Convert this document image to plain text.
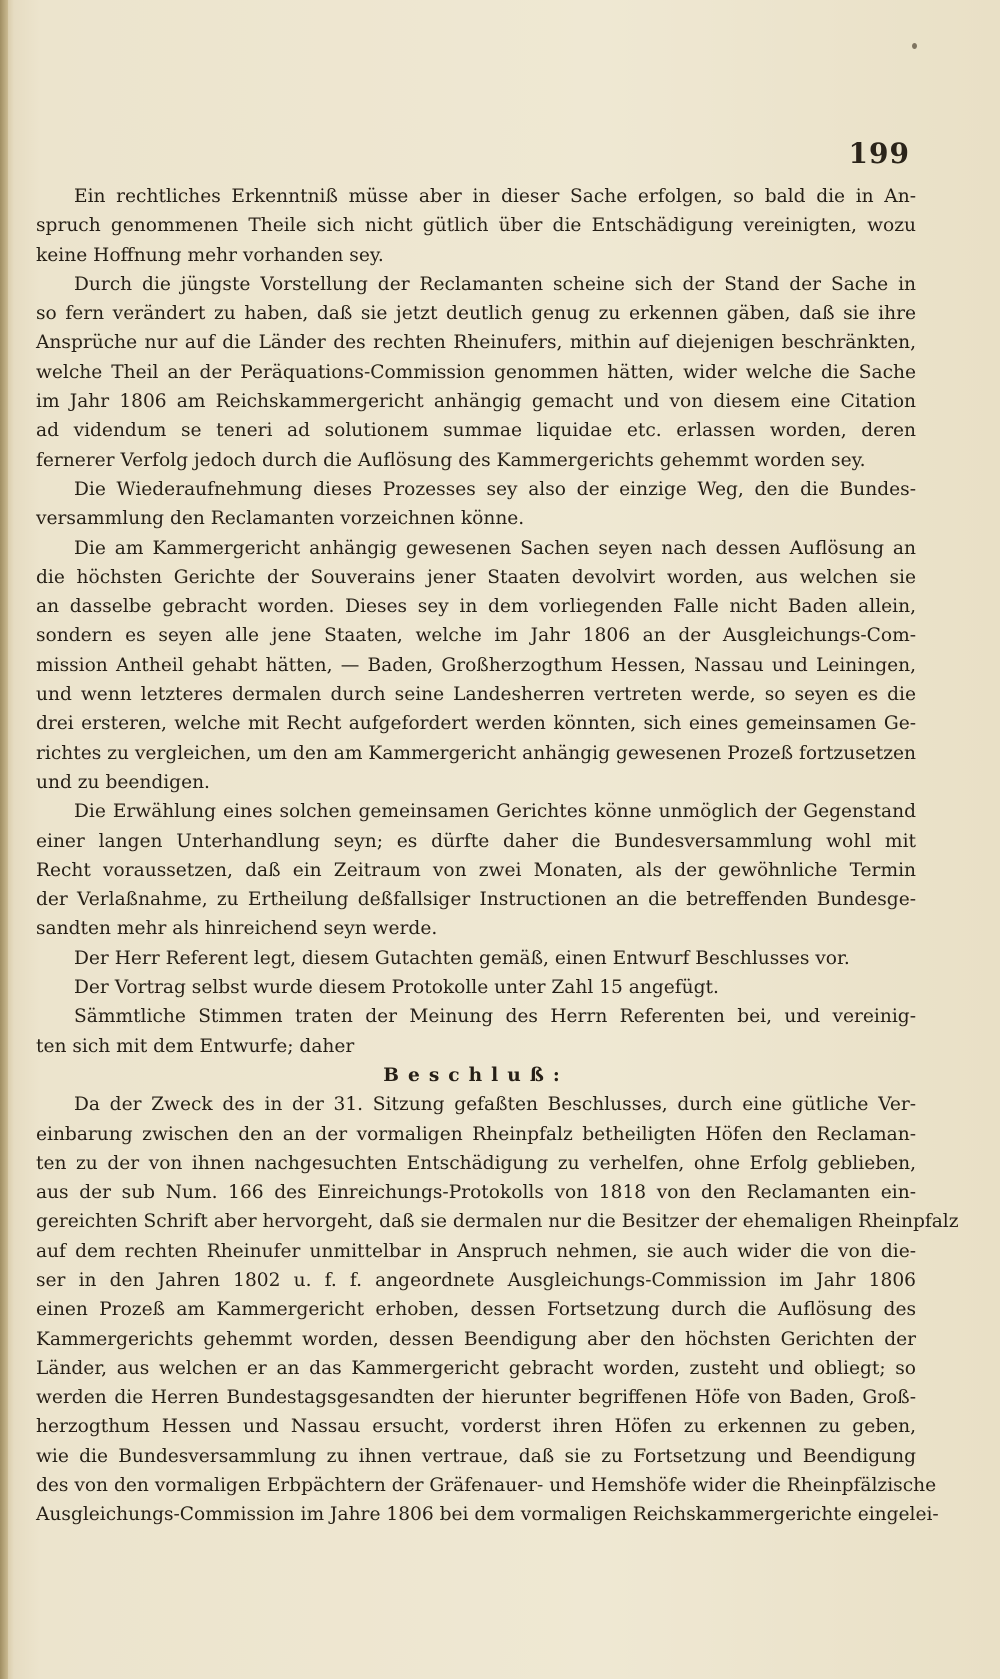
199
Ein rechtliches Erkenntniß müsse aber in dieser Sache erfolgen, so bald die in An-
spruch genommenen Theile sich nicht gütlich über die Entschädigung vereinigten, wozu
keine Hoffnung mehr vorhanden sey.
Durch die jüngste Vorstellung der Reclamanten scheine sich der Stand der Sache in
so fern verändert zu haben, daß sie jetzt deutlich genug zu erkennen gäben, daß sie ihre
Ansprüche nur auf die Länder des rechten Rheinufers, mithin auf diejenigen beschränkten,
welche Theil an der Peräquations-Commission genommen hätten, wider welche die Sache
im Jahr 1806 am Reichskammergericht anhängig gemacht und von diesem eine Citation
ad videndum se teneri ad solutionem summae liquidae etc. erlassen worden, deren
fernerer Verfolg jedoch durch die Auflösung des Kammergerichts gehemmt worden sey.
Die Wiederaufnehmung dieses Prozesses sey also der einzige Weg, den die Bundes-
versammlung den Reclamanten vorzeichnen könne.
Die am Kammergericht anhängig gewesenen Sachen seyen nach dessen Auflösung an
die höchsten Gerichte der Souverains jener Staaten devolvirt worden, aus welchen sie
an dasselbe gebracht worden. Dieses sey in dem vorliegenden Falle nicht Baden allein,
sondern es seyen alle jene Staaten, welche im Jahr 1806 an der Ausgleichungs-Com-
mission Antheil gehabt hätten, — Baden, Großherzogthum Hessen, Nassau und Leiningen,
und wenn letzteres dermalen durch seine Landesherren vertreten werde, so seyen es die
drei ersteren, welche mit Recht aufgefordert werden könnten, sich eines gemeinsamen Ge-
richtes zu vergleichen, um den am Kammergericht anhängig gewesenen Prozeß fortzusetzen
und zu beendigen.
Die Erwählung eines solchen gemeinsamen Gerichtes könne unmöglich der Gegenstand
einer langen Unterhandlung seyn; es dürfte daher die Bundesversammlung wohl mit
Recht voraussetzen, daß ein Zeitraum von zwei Monaten, als der gewöhnliche Termin
der Verlaßnahme, zu Ertheilung deßfallsiger Instructionen an die betreffenden Bundesge-
sandten mehr als hinreichend seyn werde.
Der Herr Referent legt, diesem Gutachten gemäß, einen Entwurf Beschlusses vor.
Der Vortrag selbst wurde diesem Protokolle unter Zahl 15 angefügt.
Sämmtliche Stimmen traten der Meinung des Herrn Referenten bei, und vereinig-
ten sich mit dem Entwurfe; daher
Beschluß:
Da der Zweck des in der 31. Sitzung gefaßten Beschlusses, durch eine gütliche Ver-
einbarung zwischen den an der vormaligen Rheinpfalz betheiligten Höfen den Reclaman-
ten zu der von ihnen nachgesuchten Entschädigung zu verhelfen, ohne Erfolg geblieben,
aus der sub Num. 166 des Einreichungs-Protokolls von 1818 von den Reclamanten ein-
gereichten Schrift aber hervorgeht, daß sie dermalen nur die Besitzer der ehemaligen Rheinpfalz
auf dem rechten Rheinufer unmittelbar in Anspruch nehmen, sie auch wider die von die-
ser in den Jahren 1802 u. f. f. angeordnete Ausgleichungs-Commission im Jahr 1806
einen Prozeß am Kammergericht erhoben, dessen Fortsetzung durch die Auflösung des
Kammergerichts gehemmt worden, dessen Beendigung aber den höchsten Gerichten der
Länder, aus welchen er an das Kammergericht gebracht worden, zusteht und obliegt; so
werden die Herren Bundestagsgesandten der hierunter begriffenen Höfe von Baden, Groß-
herzogthum Hessen und Nassau ersucht, vorderst ihren Höfen zu erkennen zu geben,
wie die Bundesversammlung zu ihnen vertraue, daß sie zu Fortsetzung und Beendigung
des von den vormaligen Erbpächtern der Gräfenauer- und Hemshöfe wider die Rheinpfälzische
Ausgleichungs-Commission im Jahre 1806 bei dem vormaligen Reichskammergerichte eingelei-
